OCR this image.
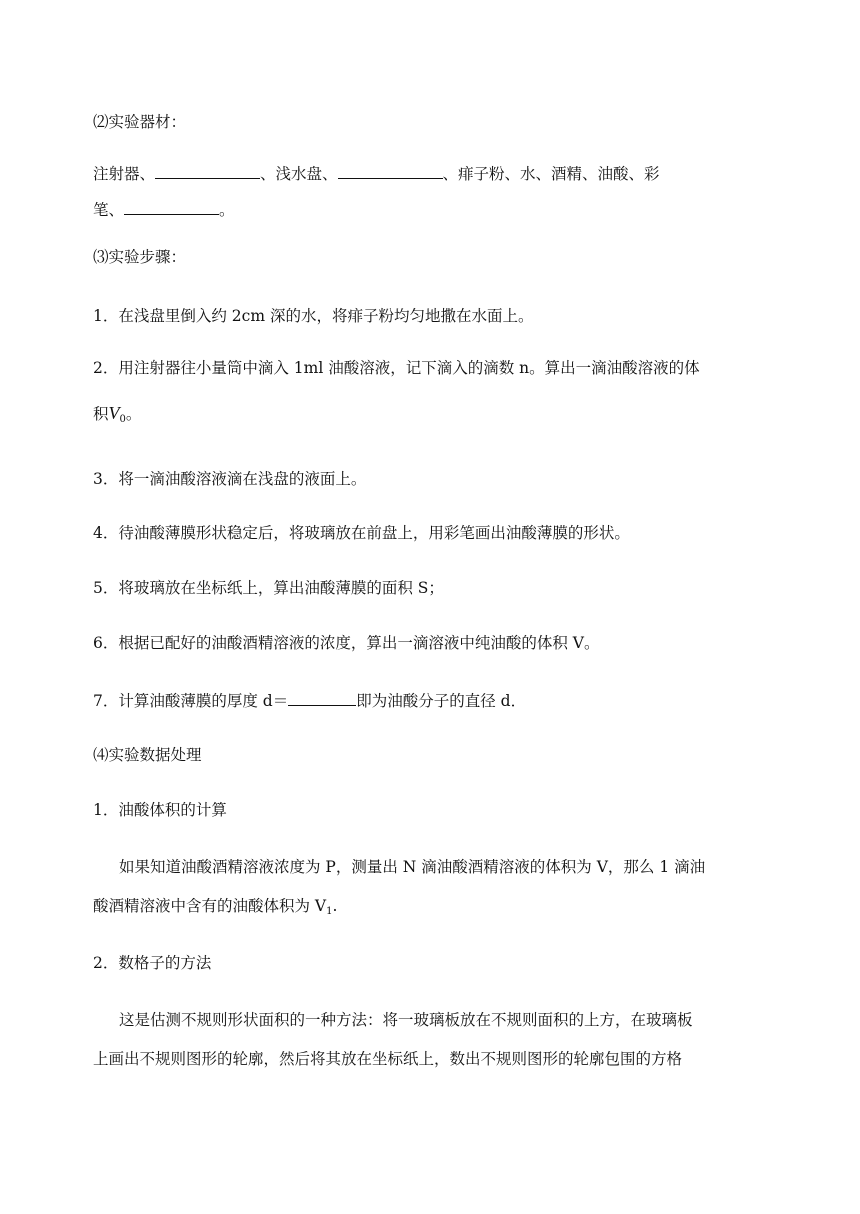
⑵实验器材：
注射器、	、浅水盘、	、痱子粉、水、酒精、油酸、彩
笔、	。
⑶实验步骤：
1．在浅盘里倒入约 2cm 深的水，将痱子粉均匀地撒在水面上。
2．用注射器往小量筒中滴入 1ml 油酸溶液，记下滴入的滴数 n。算出一滴油酸溶液的体
积$V_0$。
3．将一滴油酸溶液滴在浅盘的液面上。
4．待油酸薄膜形状稳定后，将玻璃放在前盘上，用彩笔画出油酸薄膜的形状。
5．将玻璃放在坐标纸上，算出油酸薄膜的面积 S；
6．根据已配好的油酸酒精溶液的浓度，算出一滴溶液中纯油酸的体积 V。
7．计算油酸薄膜的厚度 d＝	即为油酸分子的直径 d．
⑷实验数据处理
1．油酸体积的计算
如果知道油酸酒精溶液浓度为 P，测量出 N 滴油酸酒精溶液的体积为 V，那么 1 滴油
酸酒精溶液中含有的油酸体积为 $V_1$.
2．数格子的方法
这是估测不规则形状面积的一种方法：将一玻璃板放在不规则面积的上方，在玻璃板
上画出不规则图形的轮廓，然后将其放在坐标纸上，数出不规则图形的轮廓包围的方格
